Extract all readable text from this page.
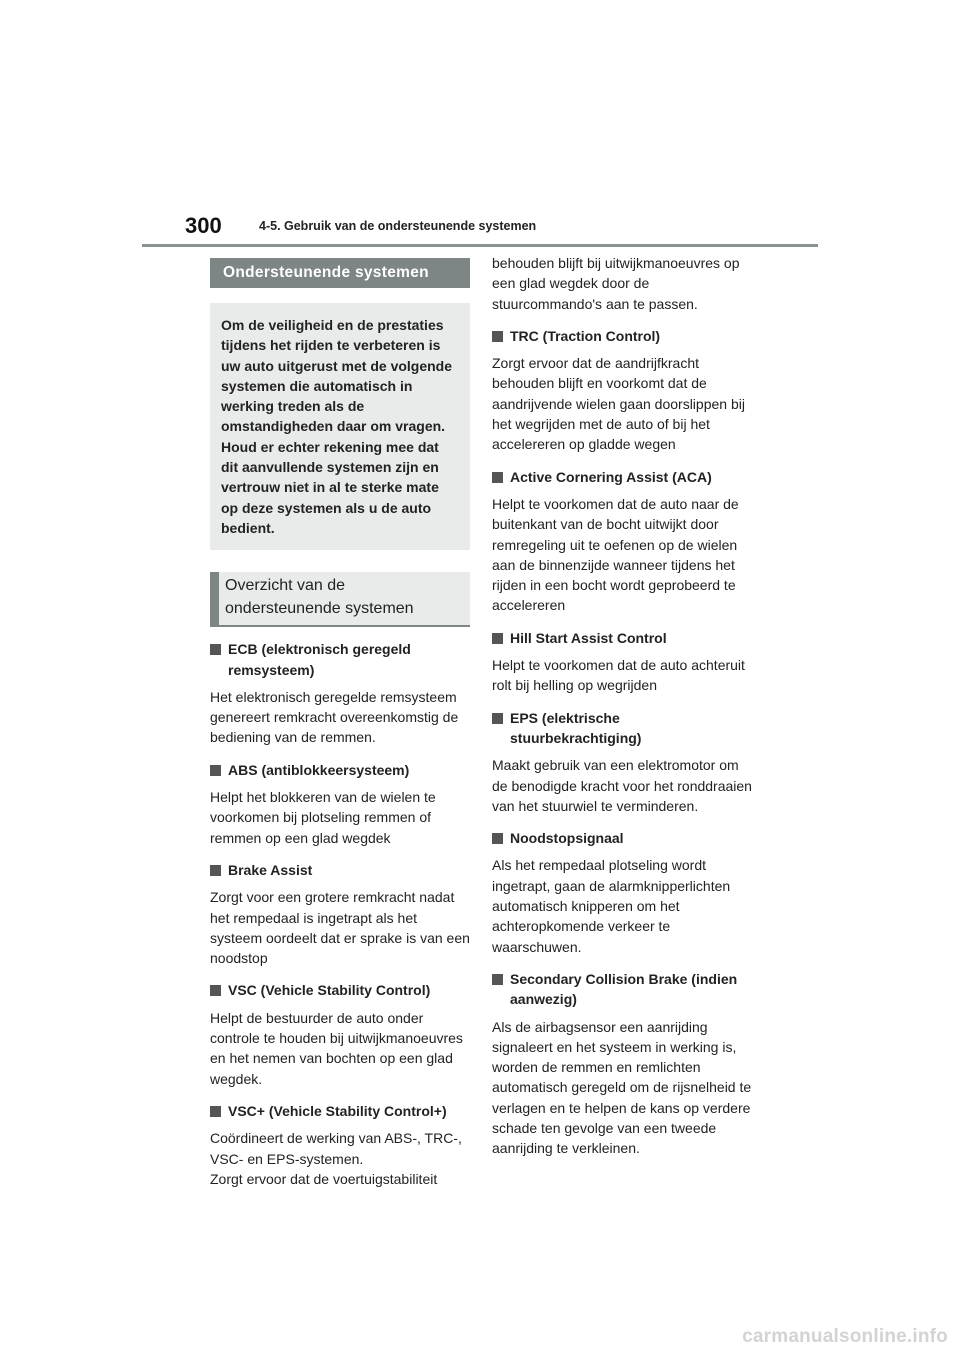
300	4-5. Gebruik van de ondersteunende systemen
Ondersteunende systemen
Om de veiligheid en de prestaties tijdens het rijden te verbeteren is uw auto uitgerust met de volgende systemen die automatisch in werking treden als de omstandigheden daar om vragen. Houd er echter rekening mee dat dit aanvullende systemen zijn en vertrouw niet in al te sterke mate op deze systemen als u de auto bedient.
Overzicht van de ondersteunende systemen
ECB (elektronisch geregeld remsysteem)
Het elektronisch geregelde remsysteem genereert remkracht overeenkomstig de bediening van de remmen.
ABS (antiblokkeersysteem)
Helpt het blokkeren van de wielen te voorkomen bij plotseling remmen of remmen op een glad wegdek
Brake Assist
Zorgt voor een grotere remkracht nadat het rempedaal is ingetrapt als het systeem oordeelt dat er sprake is van een noodstop
VSC (Vehicle Stability Control)
Helpt de bestuurder de auto onder controle te houden bij uitwijkmanoeuvres en het nemen van bochten op een glad wegdek.
VSC+ (Vehicle Stability Control+)
Coördineert de werking van ABS-, TRC-, VSC- en EPS-systemen.
Zorgt ervoor dat de voertuigstabiliteit
behouden blijft bij uitwijkmanoeuvres op een glad wegdek door de stuurcommando's aan te passen.
TRC (Traction Control)
Zorgt ervoor dat de aandrijfkracht behouden blijft en voorkomt dat de aandrijvende wielen gaan doorslippen bij het wegrijden met de auto of bij het accelereren op gladde wegen
Active Cornering Assist (ACA)
Helpt te voorkomen dat de auto naar de buitenkant van de bocht uitwijkt door remregeling uit te oefenen op de wielen aan de binnenzijde wanneer tijdens het rijden in een bocht wordt geprobeerd te accelereren
Hill Start Assist Control
Helpt te voorkomen dat de auto achteruit rolt bij helling op wegrijden
EPS (elektrische stuurbekrachtiging)
Maakt gebruik van een elektromotor om de benodigde kracht voor het ronddraaien van het stuurwiel te verminderen.
Noodstopsignaal
Als het rempedaal plotseling wordt ingetrapt, gaan de alarmknipperlichten automatisch knipperen om het achteropkomende verkeer te waarschuwen.
Secondary Collision Brake (indien aanwezig)
Als de airbagsensor een aanrijding signaleert en het systeem in werking is, worden de remmen en remlichten automatisch geregeld om de rijsnelheid te verlagen en te helpen de kans op verdere schade ten gevolge van een tweede aanrijding te verkleinen.
carmanualsonline.info
